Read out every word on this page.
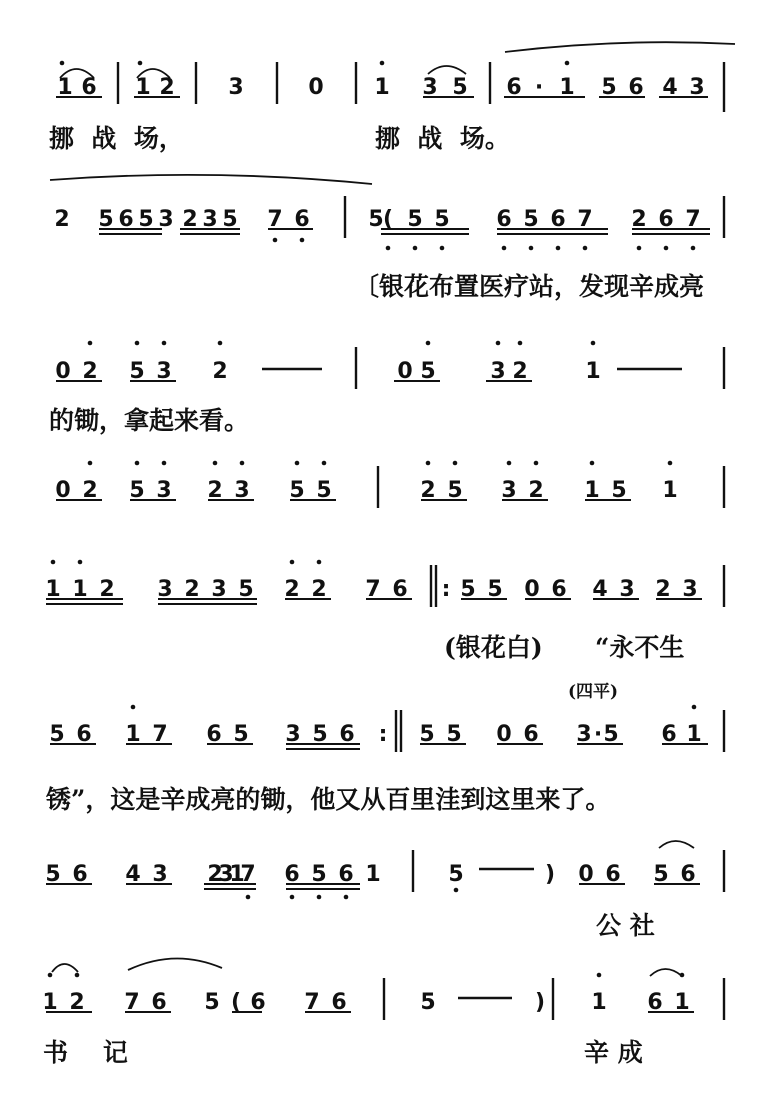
1 6 1 2 3	0 1 3 5 6 · 1 5 6 4 3
2 5 6 5 3 2 3 5 7 6	5 ( 5 5 6 5 6 7 2 6 7
0 2 5 3 2	0 5 3 2	1
0 2 5 3 2 3 5 5	2 5 3 2 1 5 1
1 1 2 3 2 3 5 2 2 7 6 : 5 5 0 6 4 3 2 3
5 6 1 7 6 5 3 5 6 : 5 5 0 6 3 · 5 6 1
5 6 4 3 2
3
1
7 6 5 6 1	5	) 0 6 5 6
1 2 7 6 5 ( 6 7 6	5	) 1 6 1
挪  战  场，	挪  战  场。
〔银花布置医疗站，发现辛成亮
的锄，拿起来看。
(银花白) “永不生
(四平)
锈”，这是辛成亮的锄，他又从百里洼到这里来了。
公 社
书    记	辛 成
